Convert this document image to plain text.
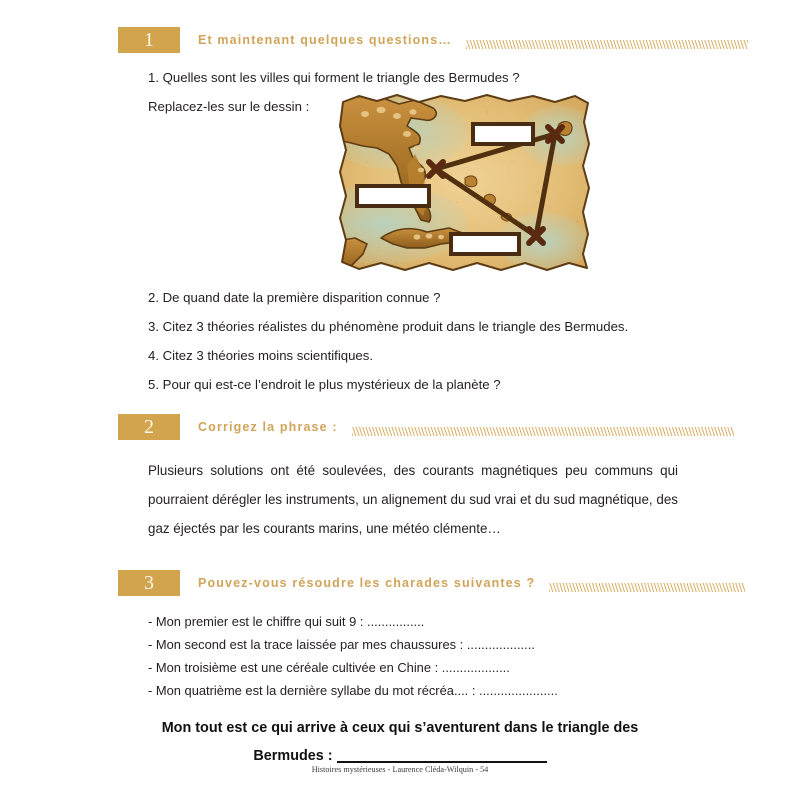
1	Et maintenant quelques questions…
1. Quelles sont les villes qui forment le triangle des Bermudes ?
Replacez-les sur le dessin :
2. De quand date la première disparition connue ?
3. Citez 3 théories réalistes du phénomène produit dans le triangle des Bermudes.
4. Citez 3 théories moins scientifiques.
5. Pour qui est-ce l’endroit le plus mystérieux de la planète ?
2	Corrigez la phrase :
Plusieurs solutions ont été soulevées, des courants magnétiques peu communs qui pourraient dérégler les instruments, un alignement du sud vrai et du sud magnétique, des gaz éjectés par les courants marins, une météo clémente…
3	Pouvez-vous résoudre les charades suivantes ?
- Mon premier est le chiffre qui suit 9 : ................
- Mon second est la trace laissée par mes chaussures : ...................
- Mon troisième est une céréale cultivée en Chine : ...................
- Mon quatrième est la dernière syllabe du mot récréa.... : ......................
Mon tout est ce qui arrive à ceux qui s’aventurent dans le triangle des
Bermudes :
Histoires mystérieuses - Laurence Cléda-Wilquin - 54
